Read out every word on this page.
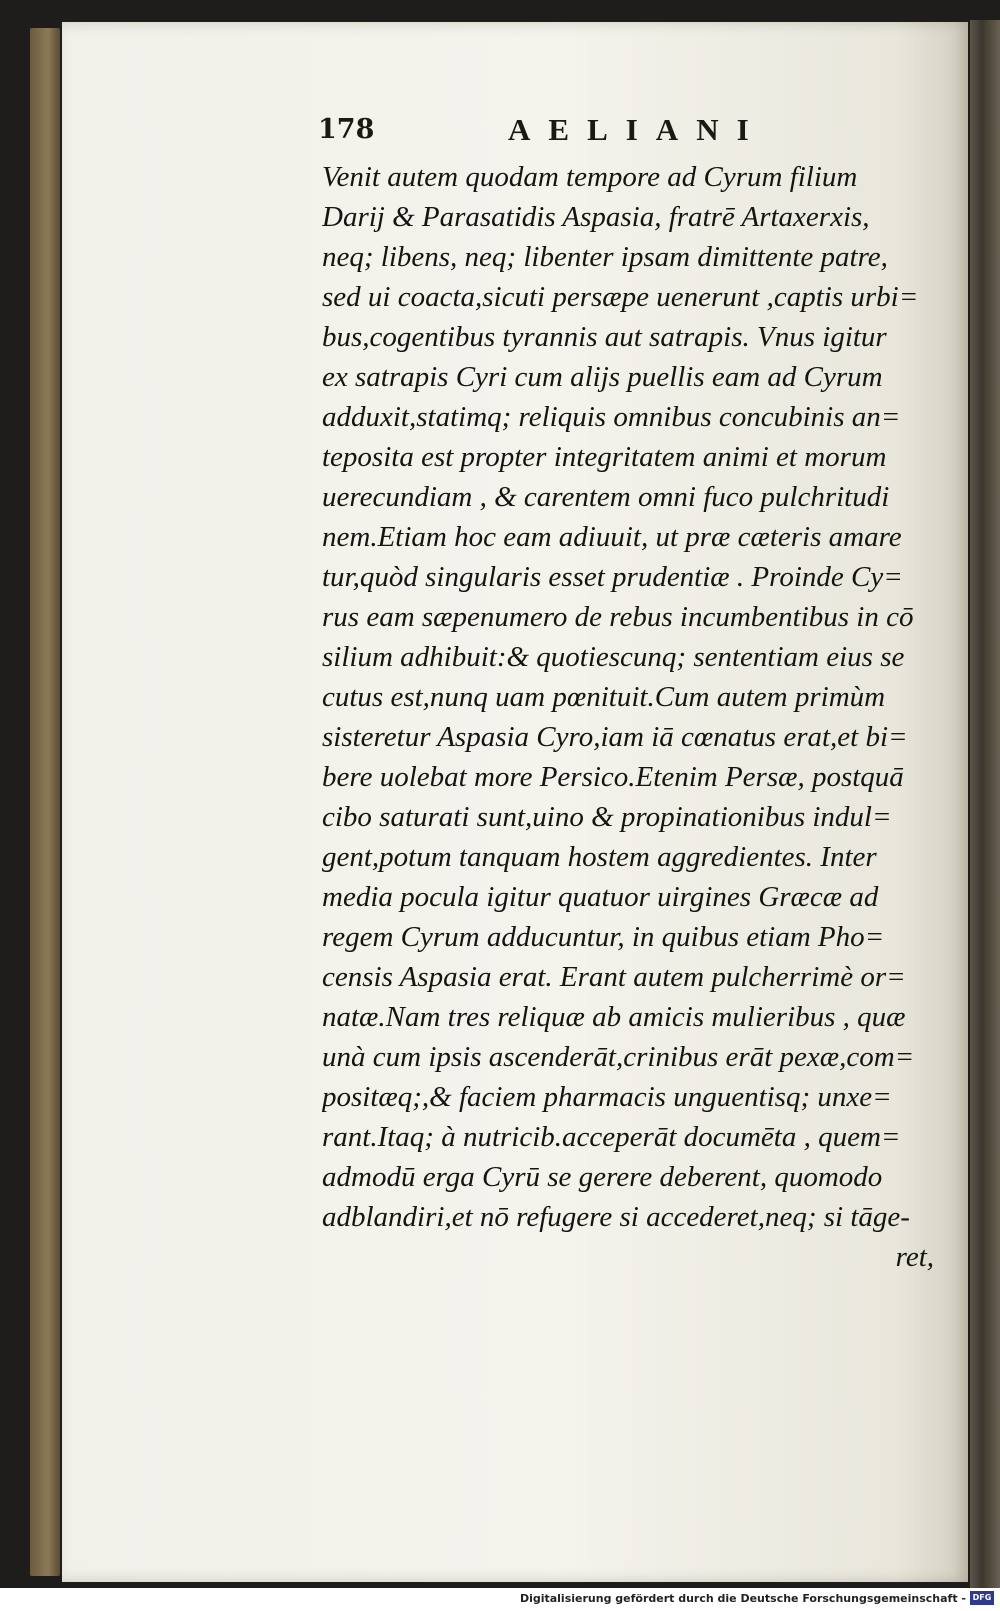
178	AELIANI
Venit autem quodam tempore ad Cyrum filium
Darij & Parasatidis Aspasia, fratrē Artaxerxis,
neq; libens, neq; libenter ipsam dimittente patre,
sed ui coacta,sicuti persæpe uenerunt ,captis urbi=
bus,cogentibus tyrannis aut satrapis. Vnus igitur
ex satrapis Cyri cum alijs puellis eam ad Cyrum
adduxit,statimq; reliquis omnibus concubinis an=
teposita est propter integritatem animi et morum
uerecundiam , & carentem omni fuco pulchritudi
nem.Etiam hoc eam adiuuit, ut præ cæteris amare
tur,quòd singularis esset prudentiæ . Proinde Cy=
rus eam sæpenumero de rebus incumbentibus in cō
silium adhibuit:& quotiescunq; sententiam eius se
cutus est,nunq uam pœnituit.Cum autem primùm
sisteretur Aspasia Cyro,iam iā cœnatus erat,et bi=
bere uolebat more Persico.Etenim Persæ, postquā
cibo saturati sunt,uino & propinationibus indul=
gent,potum tanquam hostem aggredientes. Inter
media pocula igitur quatuor uirgines Græcæ ad
regem Cyrum adducuntur, in quibus etiam Pho=
censis Aspasia erat. Erant autem pulcherrimè or=
natæ.Nam tres reliquæ ab amicis mulieribus , quæ
unà cum ipsis ascenderāt,crinibus erāt pexæ,com=
positæq;,& faciem pharmacis unguentisq; unxe=
rant.Itaq; à nutricib.acceperāt documēta , quem=
admodū erga Cyrū se gerere deberent, quomodo
adblandiri,et nō refugere si accederet,neq; si tāge-
ret,
Digitalisierung gefördert durch die Deutsche Forschungsgemeinschaft - DFG
